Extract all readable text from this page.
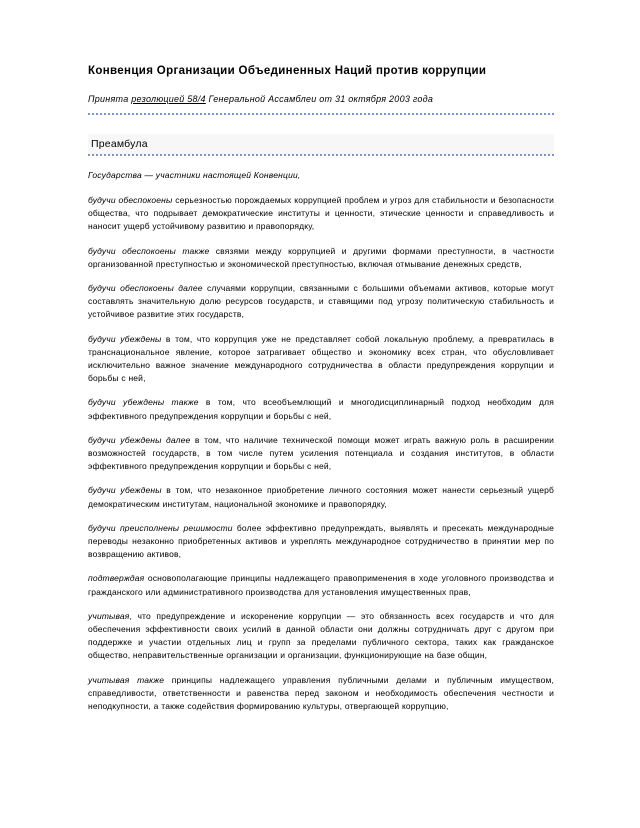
Конвенция Организации Объединенных Наций против коррупции
Принята резолюцией 58/4 Генеральной Ассамблеи от 31 октября 2003 года
Преамбула
Государства — участники настоящей Конвенции,

будучи обеспокоены серьезностью порождаемых коррупцией проблем и угроз для стабильности и безопасности общества, что подрывает демократические институты и ценности, этические ценности и справедливость и наносит ущерб устойчивому развитию и правопорядку,

будучи обеспокоены также связями между коррупцией и другими формами преступности, в частности организованной преступностью и экономической преступностью, включая отмывание денежных средств,

будучи обеспокоены далее случаями коррупции, связанными с большими объемами активов, которые могут составлять значительную долю ресурсов государств, и ставящими под угрозу политическую стабильность и устойчивое развитие этих государств,

будучи убеждены в том, что коррупция уже не представляет собой локальную проблему, а превратилась в транснациональное явление, которое затрагивает общество и экономику всех стран, что обусловливает исключительно важное значение международного сотрудничества в области предупреждения коррупции и борьбы с ней,

будучи убеждены также в том, что всеобъемлющий и многодисциплинарный подход необходим для эффективного предупреждения коррупции и борьбы с ней,

будучи убеждены далее в том, что наличие технической помощи может играть важную роль в расширении возможностей государств, в том числе путем усиления потенциала и создания институтов, в области эффективного предупреждения коррупции и борьбы с ней,

будучи убеждены в том, что незаконное приобретение личного состояния может нанести серьезный ущерб демократическим институтам, национальной экономике и правопорядку,

будучи преисполнены решимости более эффективно предупреждать, выявлять и пресекать международные переводы незаконно приобретенных активов и укреплять международное сотрудничество в принятии мер по возвращению активов,

подтверждая основополагающие принципы надлежащего правоприменения в ходе уголовного производства и гражданского или административного производства для установления имущественных прав,

учитывая, что предупреждение и искоренение коррупции — это обязанность всех государств и что для обеспечения эффективности своих усилий в данной области они должны сотрудничать друг с другом при поддержке и участии отдельных лиц и групп за пределами публичного сектора, таких как гражданское общество, неправительственные организации и организации, функционирующие на базе общин,

учитывая также принципы надлежащего управления публичными делами и публичным имуществом, справедливости, ответственности и равенства перед законом и необходимость обеспечения честности и неподкупности, а также содействия формированию культуры, отвергающей коррупцию,
